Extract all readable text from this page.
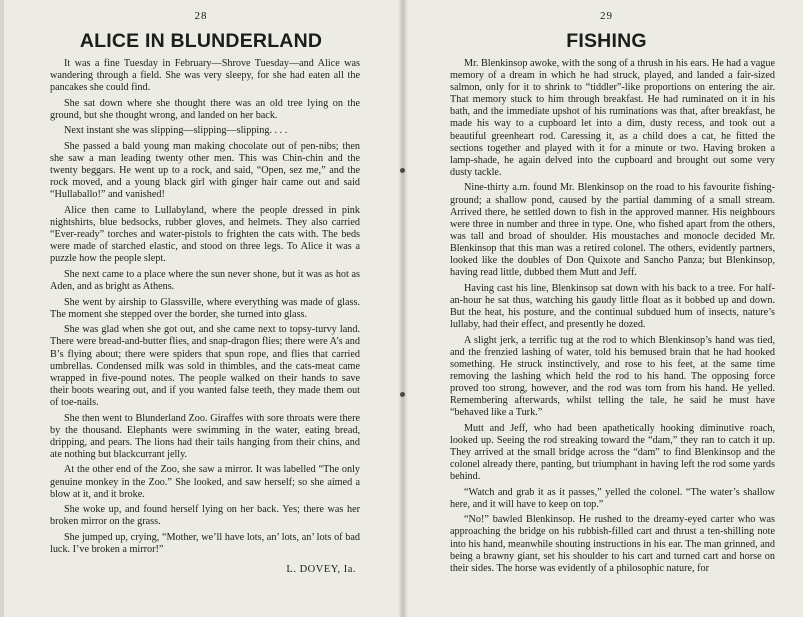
28
ALICE IN BLUNDERLAND

It was a fine Tuesday in February—Shrove Tuesday—and Alice was wandering through a field. She was very sleepy, for she had eaten all the pancakes she could find.

She sat down where she thought there was an old tree lying on the ground, but she thought wrong, and landed on her back.

Next instant she was slipping—slipping—slipping. . . .

She passed a bald young man making chocolate out of pen-nibs; then she saw a man leading twenty other men. This was Chin-chin and the twenty beggars. He went up to a rock, and said, “Open, sez me,” and the rock moved, and a young black girl with ginger hair came out and said “Hullaballo!” and vanished!

Alice then came to Lullabyland, where the people dressed in pink nightshirts, blue bedsocks, rubber gloves, and helmets. They also carried “Ever-ready” torches and water-pistols to frighten the cats with. The beds were made of starched elastic, and stood on three legs. To Alice it was a puzzle how the people slept.

She next came to a place where the sun never shone, but it was as hot as Aden, and as bright as Athens.

She went by airship to Glassville, where everything was made of glass. The moment she stepped over the border, she turned into glass.

She was glad when she got out, and she came next to topsy-turvy land. There were bread-and-butter flies, and snap-dragon flies; there were A’s and B’s flying about; there were spiders that spun rope, and flies that carried umbrellas. Condensed milk was sold in thimbles, and the cats-meat came wrapped in five-pound notes. The people walked on their hands to save their boots wearing out, and if you wanted false teeth, they made them out of toe-nails.

She then went to Blunderland Zoo. Giraffes with sore throats were there by the thousand. Elephants were swimming in the water, eating bread, dripping, and pears. The lions had their tails hanging from their chins, and ate nothing but blackcurrant jelly.

At the other end of the Zoo, she saw a mirror. It was labelled “The only genuine monkey in the Zoo.” She looked, and saw herself; so she aimed a blow at it, and it broke.

She woke up, and found herself lying on her back. Yes; there was her broken mirror on the grass.

She jumped up, crying, “Mother, we’ll have lots, an’ lots, an’ lots of bad luck. I’ve broken a mirror!”

L. DOVEY, Ia.
29
FISHING

Mr. Blenkinsop awoke, with the song of a thrush in his ears. He had a vague memory of a dream in which he had struck, played, and landed a fair-sized salmon, only for it to shrink to “tiddler”-like proportions on entering the air. That memory stuck to him through breakfast. He had ruminated on it in his bath, and the immediate upshot of his ruminations was that, after breakfast, he made his way to a cupboard let into a dim, dusty recess, and took out a beautiful greenheart rod. Caressing it, as a child does a cat, he fitted the sections together and played with it for a minute or two. Having broken a lamp-shade, he again delved into the cupboard and brought out some very dusty tackle.

Nine-thirty a.m. found Mr. Blenkinsop on the road to his favourite fishing-ground; a shallow pond, caused by the partial damming of a small stream. Arrived there, he settled down to fish in the approved manner. His neighbours were three in number and three in type. One, who fished apart from the others, was tall and broad of shoulder. His moustaches and monocle decided Mr. Blenkinsop that this man was a retired colonel. The others, evidently partners, looked like the doubles of Don Quixote and Sancho Panza; but Blenkinsop, having read little, dubbed them Mutt and Jeff.

Having cast his line, Blenkinsop sat down with his back to a tree. For half-an-hour he sat thus, watching his gaudy little float as it bobbed up and down. But the heat, his posture, and the continual subdued hum of insects, nature’s lullaby, had their effect, and presently he dozed.

A slight jerk, a terrific tug at the rod to which Blenkinsop’s hand was tied, and the frenzied lashing of water, told his bemused brain that he had hooked something. He struck instinctively, and rose to his feet, at the same time removing the lashing which held the rod to his hand. The opposing force proved too strong, however, and the rod was torn from his hand. He yelled. Remembering afterwards, whilst telling the tale, he said he must have “behaved like a Turk.”

Mutt and Jeff, who had been apathetically hooking diminutive roach, looked up. Seeing the rod streaking toward the “dam,” they ran to catch it up. They arrived at the small bridge across the “dam” to find Blenkinsop and the colonel already there, panting, but triumphant in having left the rod some yards behind.

“Watch and grab it as it passes,” yelled the colonel. “The water’s shallow here, and it will have to keep on top.”

“No!” bawled Blenkinsop. He rushed to the dreamy-eyed carter who was approaching the bridge on his rubbish-filled cart and thrust a ten-shilling note into his hand, meanwhile shouting instructions in his ear. The man grinned, and being a brawny giant, set his shoulder to his cart and turned cart and horse on their sides. The horse was evidently of a philosophic nature, for
